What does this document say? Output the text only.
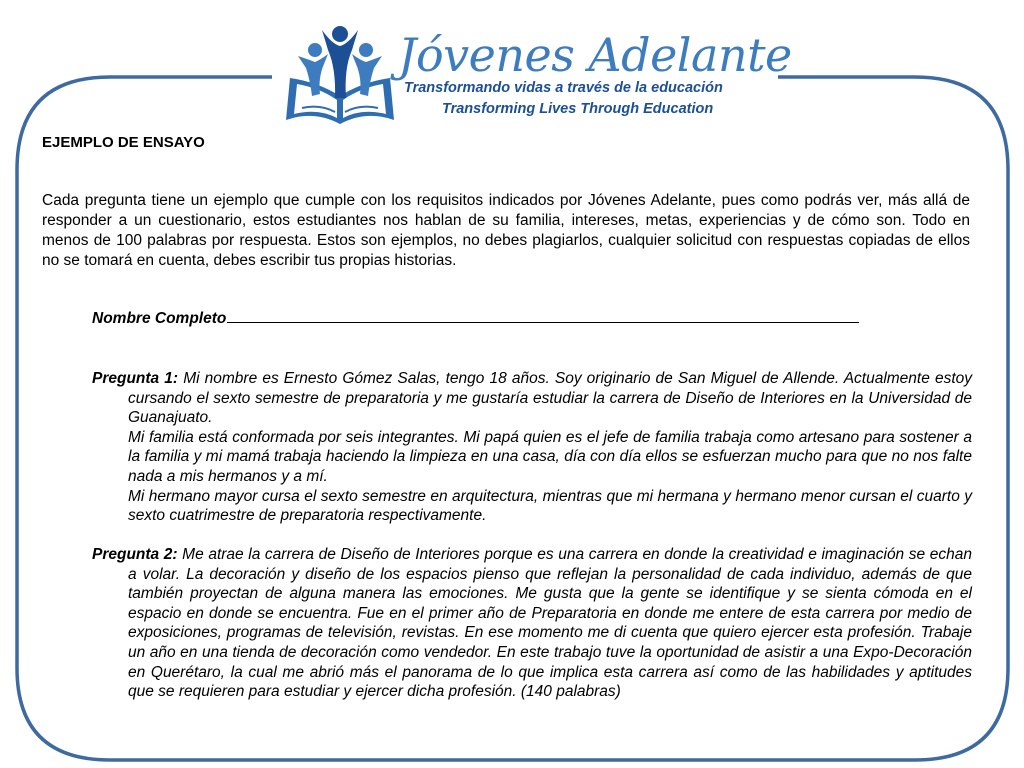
Jóvenes Adelante
Transformando vidas a través de la educación
Transforming Lives Through Education
EJEMPLO DE ENSAYO
Cada pregunta tiene un ejemplo que cumple con los requisitos indicados por Jóvenes Adelante, pues como podrás ver, más allá de responder a un cuestionario, estos estudiantes nos hablan de su familia, intereses, metas, experiencias y de cómo son. Todo en menos de 100 palabras por respuesta. Estos son ejemplos, no debes plagiarlos, cualquier solicitud con respuestas copiadas de ellos no se tomará en cuenta, debes escribir tus propias historias.
Nombre Completo

Pregunta 1: Mi nombre es Ernesto Gómez Salas, tengo 18 años. Soy originario de San Miguel de Allende. Actualmente estoy cursando el sexto semestre de preparatoria y me gustaría estudiar la carrera de Diseño de Interiores en la Universidad de Guanajuato.

Mi familia está conformada por seis integrantes. Mi papá quien es el jefe de familia trabaja como artesano para sostener a la familia y mi mamá trabaja haciendo la limpieza en una casa, día con día ellos se esfuerzan mucho para que no nos falte nada a mis hermanos y a mí.

Mi hermano mayor cursa el sexto semestre en arquitectura, mientras que mi hermana y hermano menor cursan el cuarto y sexto cuatrimestre de preparatoria respectivamente.

Pregunta 2: Me atrae la carrera de Diseño de Interiores porque es una carrera en donde la creatividad e imaginación se echan a volar. La decoración y diseño de los espacios pienso que reflejan la personalidad de cada individuo, además de que también proyectan de alguna manera las emociones. Me gusta que la gente se identifique y se sienta cómoda en el espacio en donde se encuentra. Fue en el primer año de Preparatoria en donde me entere de esta carrera por medio de exposiciones, programas de televisión, revistas. En ese momento me di cuenta que quiero ejercer esta profesión. Trabaje un año en una tienda de decoración como vendedor. En este trabajo tuve la oportunidad de asistir a una Expo-Decoración en Querétaro, la cual me abrió más el panorama de lo que implica esta carrera así como de las habilidades y aptitudes que se requieren para estudiar y ejercer dicha profesión. (140 palabras)
